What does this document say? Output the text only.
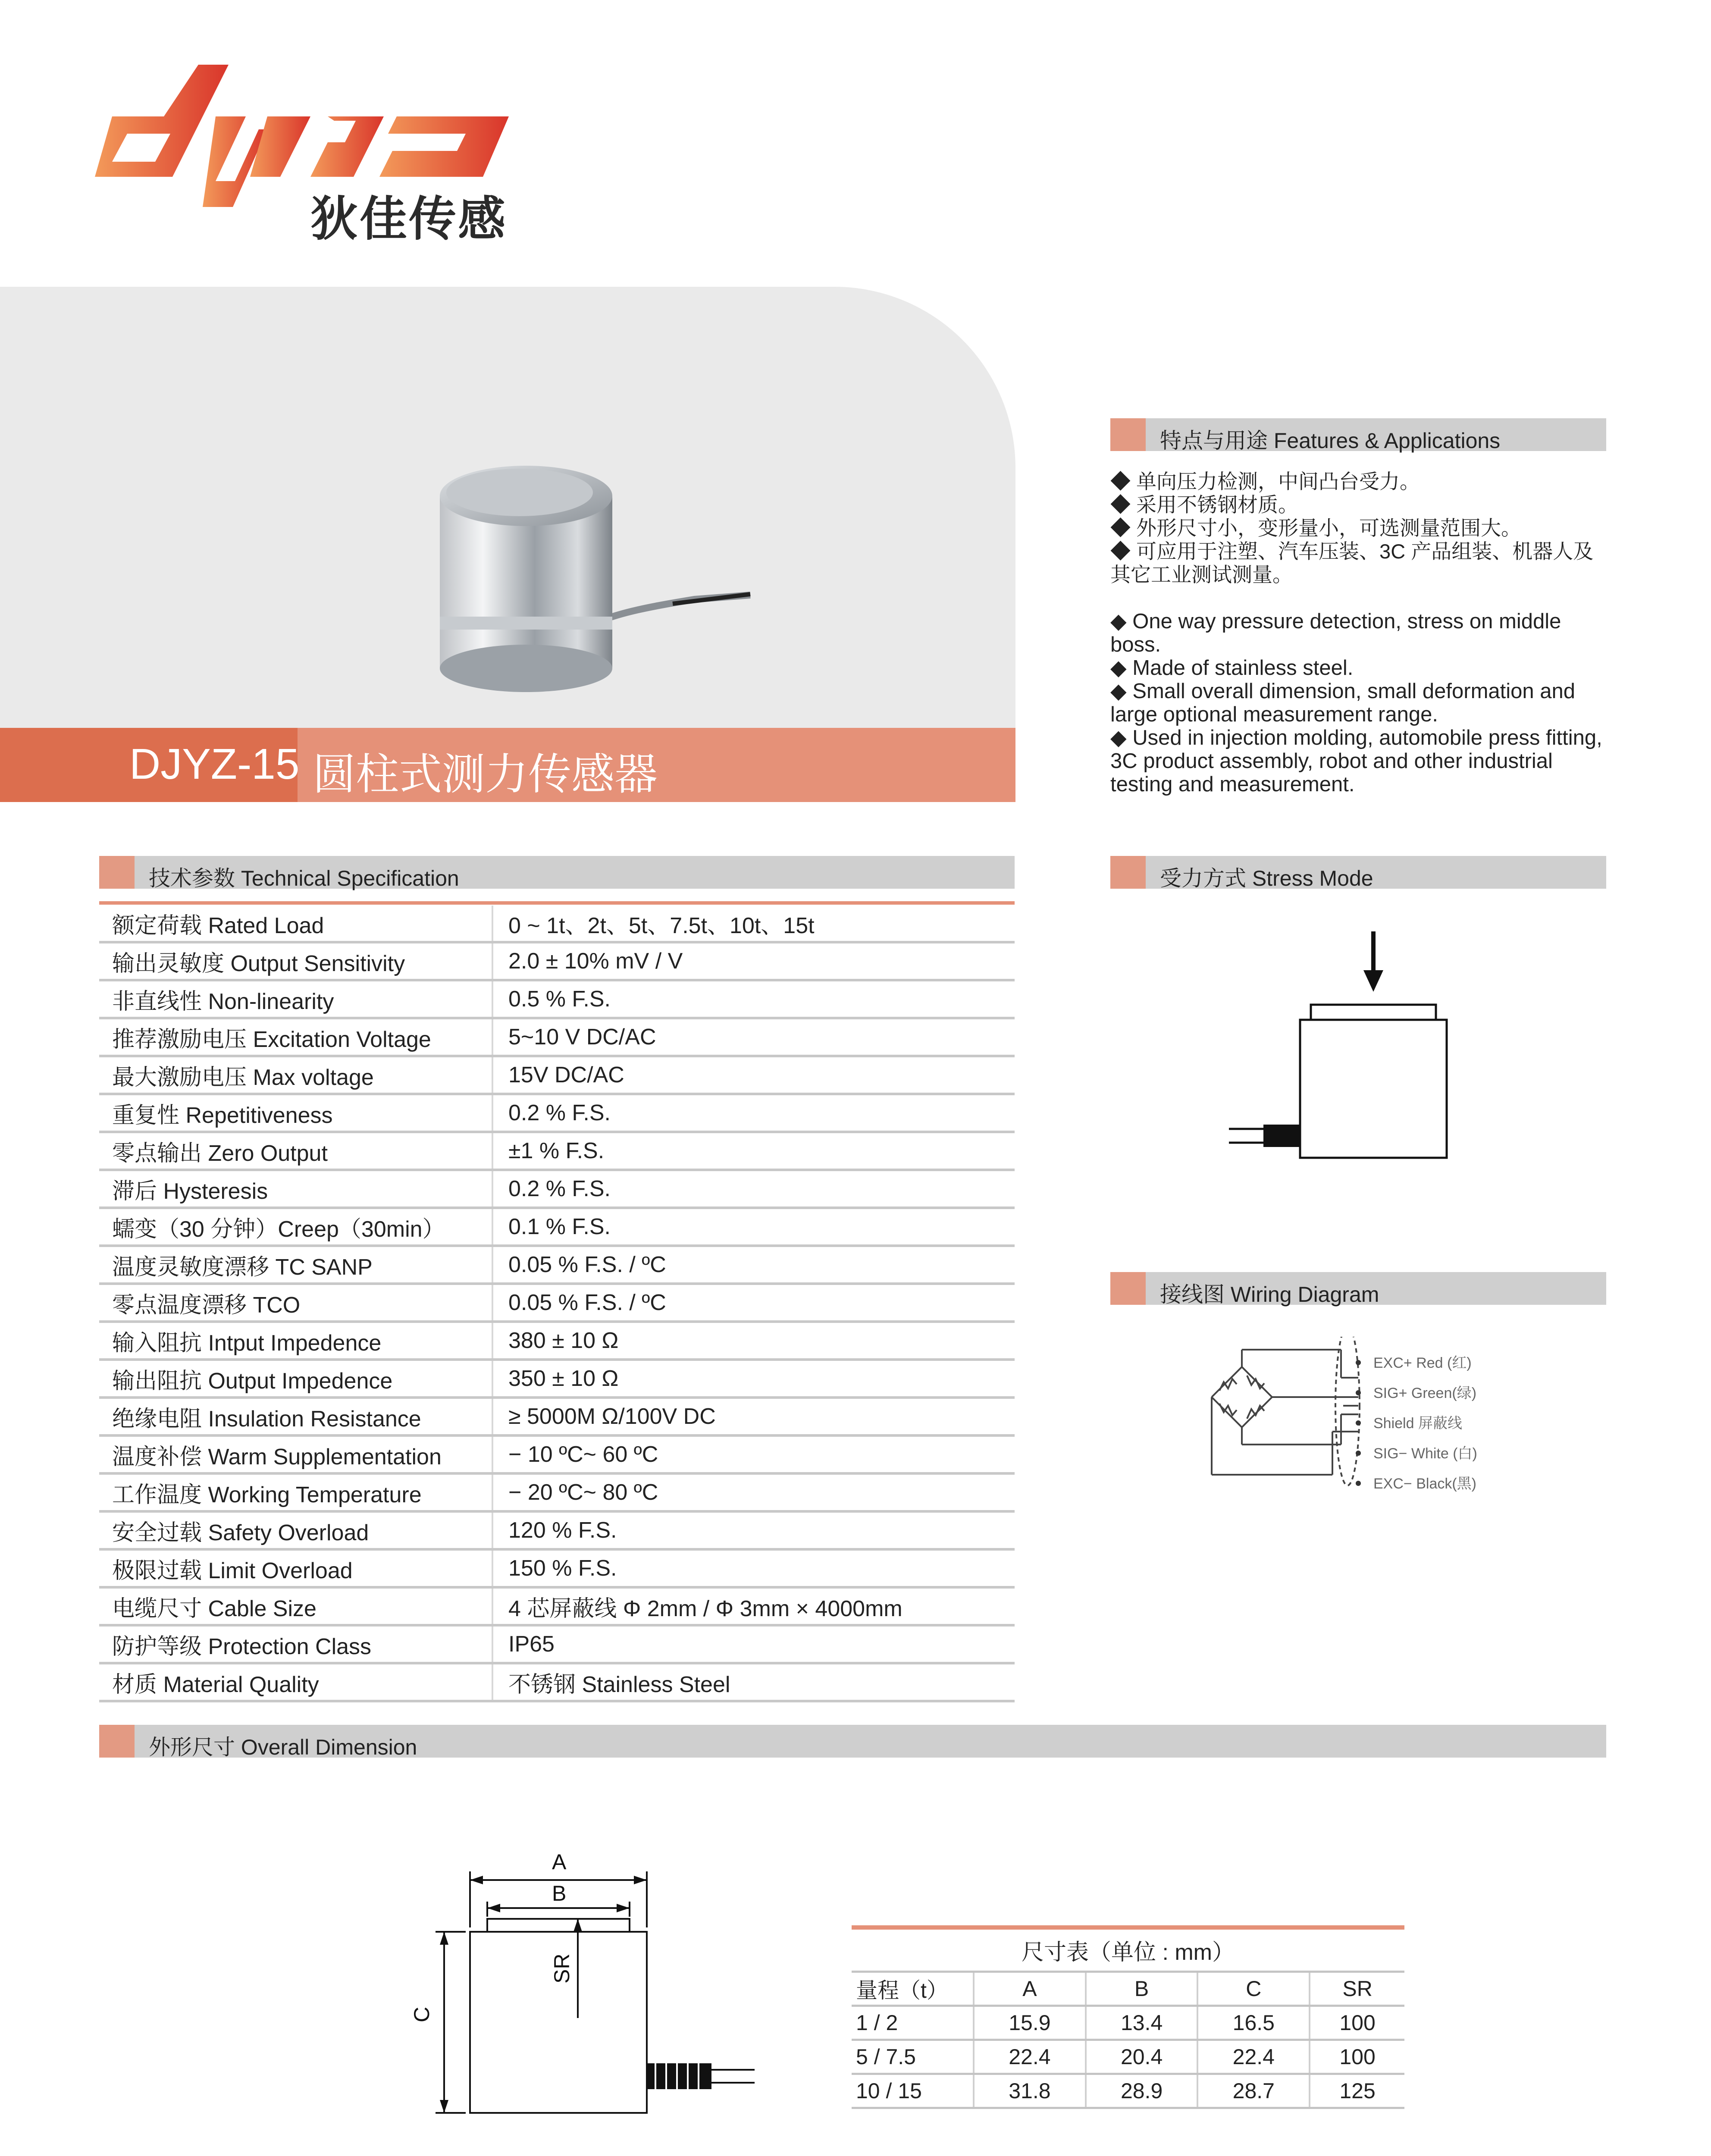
狄佳传感
DJYZ-15 圆柱式测力传感器
特点与用途 Features & Applications

◆ 单向压力检测，中间凸台受力。

◆ 采用不锈钢材质。

◆ 外形尺寸小，变形量小，可选测量范围大。

◆ 可应用于注塑、汽车压装、3C 产品组装、机器人及其它工业测试测量。

◆ One way pressure detection, stress on middle boss.

◆ Made of stainless steel.

◆ Small overall dimension, small deformation and large optional measurement range.

◆ Used in injection molding, automobile press fitting, 3C product assembly, robot and other industrial testing and measurement.

技术参数 Technical Specification
额定荷载 Rated Load	0 ~ 1t、2t、5t、7.5t、10t、15t
输出灵敏度 Output Sensitivity	2.0 ± 10% mV / V
非直线性 Non-linearity	0.5 % F.S.
推荐激励电压 Excitation Voltage	5~10 V DC/AC
最大激励电压 Max voltage	15V DC/AC
重复性 Repetitiveness	0.2 % F.S.
零点输出 Zero Output	±1 % F.S.
滞后 Hysteresis	0.2 % F.S.
蠕变（30 分钟）Creep（30min）	0.1 % F.S.
温度灵敏度漂移 TC SANP	0.05 % F.S. / ºC
零点温度漂移 TCO	0.05 % F.S. / ºC
输入阻抗 Intput Impedence	380 ± 10 Ω
输出阻抗 Output Impedence	350 ± 10 Ω
绝缘电阻 Insulation Resistance	≥ 5000M Ω/100V DC
温度补偿 Warm Supplementation	− 10 ºC~ 60 ºC
工作温度 Working Temperature	− 20 ºC~ 80 ºC
安全过载 Safety Overload	120 % F.S.
极限过载 Limit Overload	150 % F.S.
电缆尺寸 Cable Size	4 芯屏蔽线 Φ 2mm / Φ 3mm × 4000mm
防护等级 Protection Class	IP65
材质 Material Quality	不锈钢 Stainless Steel
受力方式 Stress Mode
接线图 Wiring Diagram
EXC+ Red (红)
SIG+ Green(绿)
Shield 屏蔽线
SIG− White (白)
EXC− Black(黑)
外形尺寸 Overall Dimension
A
B
C
SR
尺寸表（单位 : mm）
量程（t）	A	B	C	SR
1 / 2	15.9	13.4	16.5	100
5 / 7.5	22.4	20.4	22.4	100
10 / 15	31.8	28.9	28.7	125
